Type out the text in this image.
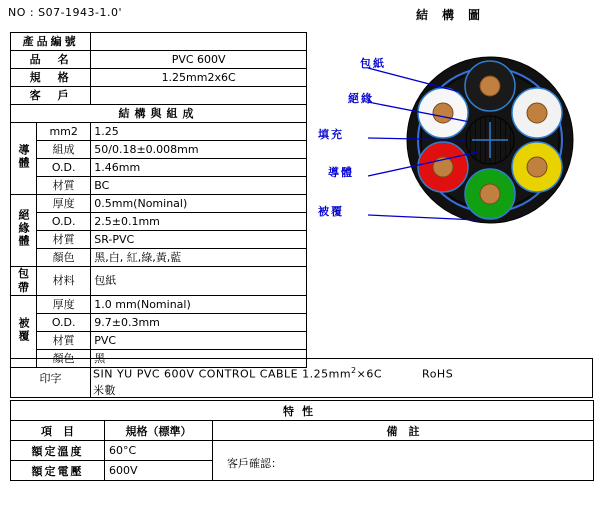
NO : S07-1943-1.0'	結構圖
產品編號		
品　名		PVC 600V
規　格		1.25mm2x6C
客　戶		
結構與組成		
導體	mm2	1.25
	組成	50/0.18±0.008mm
	O.D.	1.46mm
	材質	BC
絕緣體	厚度	0.5mm(Nominal)
	O.D.	2.5±0.1mm
	材質	SR-PVC
	顏色	黑,白, 紅,綠,黃,藍
包帶	材料	包紙
被覆	厚度	1.0 mm(Nominal)
	O.D.	9.7±0.3mm
	材質	PVC
	顏色	黑
印字	SIN YU PVC 600V CONTROL CABLE $1.25mm^2\times 6C$	RoHS
米數
特性		
項　目	規格（標準）	備　註
額定溫度	60°C	客戶確認：
額定電壓	600V	
包紙
絕緣
填充
導體
被覆
